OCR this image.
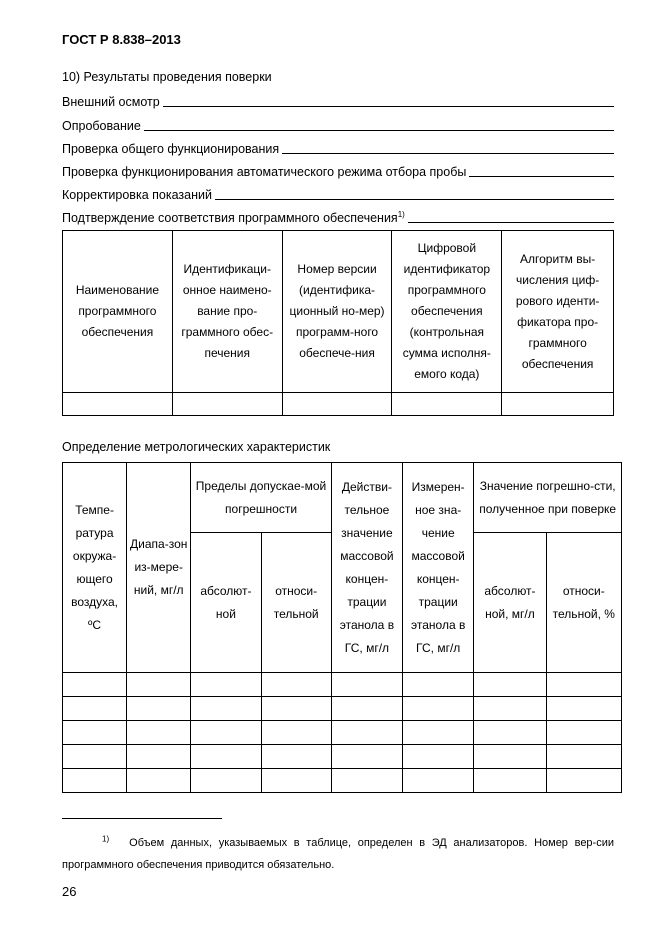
ГОСТ Р 8.838–2013
10) Результаты проведения поверки
Внешний осмотр
Опробование
Проверка общего функционирования
Проверка функционирования автоматического режима отбора пробы
Корректировка показаний
Подтверждение соответствия программного обеспечения$^{1)}$
Наименование программного обеспечения	Идентификаци-онное наимено-вание про-граммного обес-печения	Номер версии (идентифика-ционный но-мер) программ-ного обеспече-ния	Цифровой идентификатор программного обеспечения (контрольная сумма исполня-емого кода)	Алгоритм вы-числения циф-рового иденти-фикатора про-граммного обеспечения

Определение метрологических характеристик
Темпе-ратура окружа-ющего воздуха, ºС	Диапа-зон из-мере-ний, мг/л	Пределы допускае-мой погрешности		Действи-тельное значение массовой концен-трации этанола в ГС, мг/л	Измерен-ное зна-чение массовой концен-трации этанола в ГС, мг/л	Значение погрешно-сти, полученное при поверке	
		абсолют-ной	относи-тельной			абсолют-ной, мг/л	относи-тельной, %

$^{1)}$ Объем данных, указываемых в таблице, определен в ЭД анализаторов. Номер вер-сии программного обеспечения приводится обязательно.
26
